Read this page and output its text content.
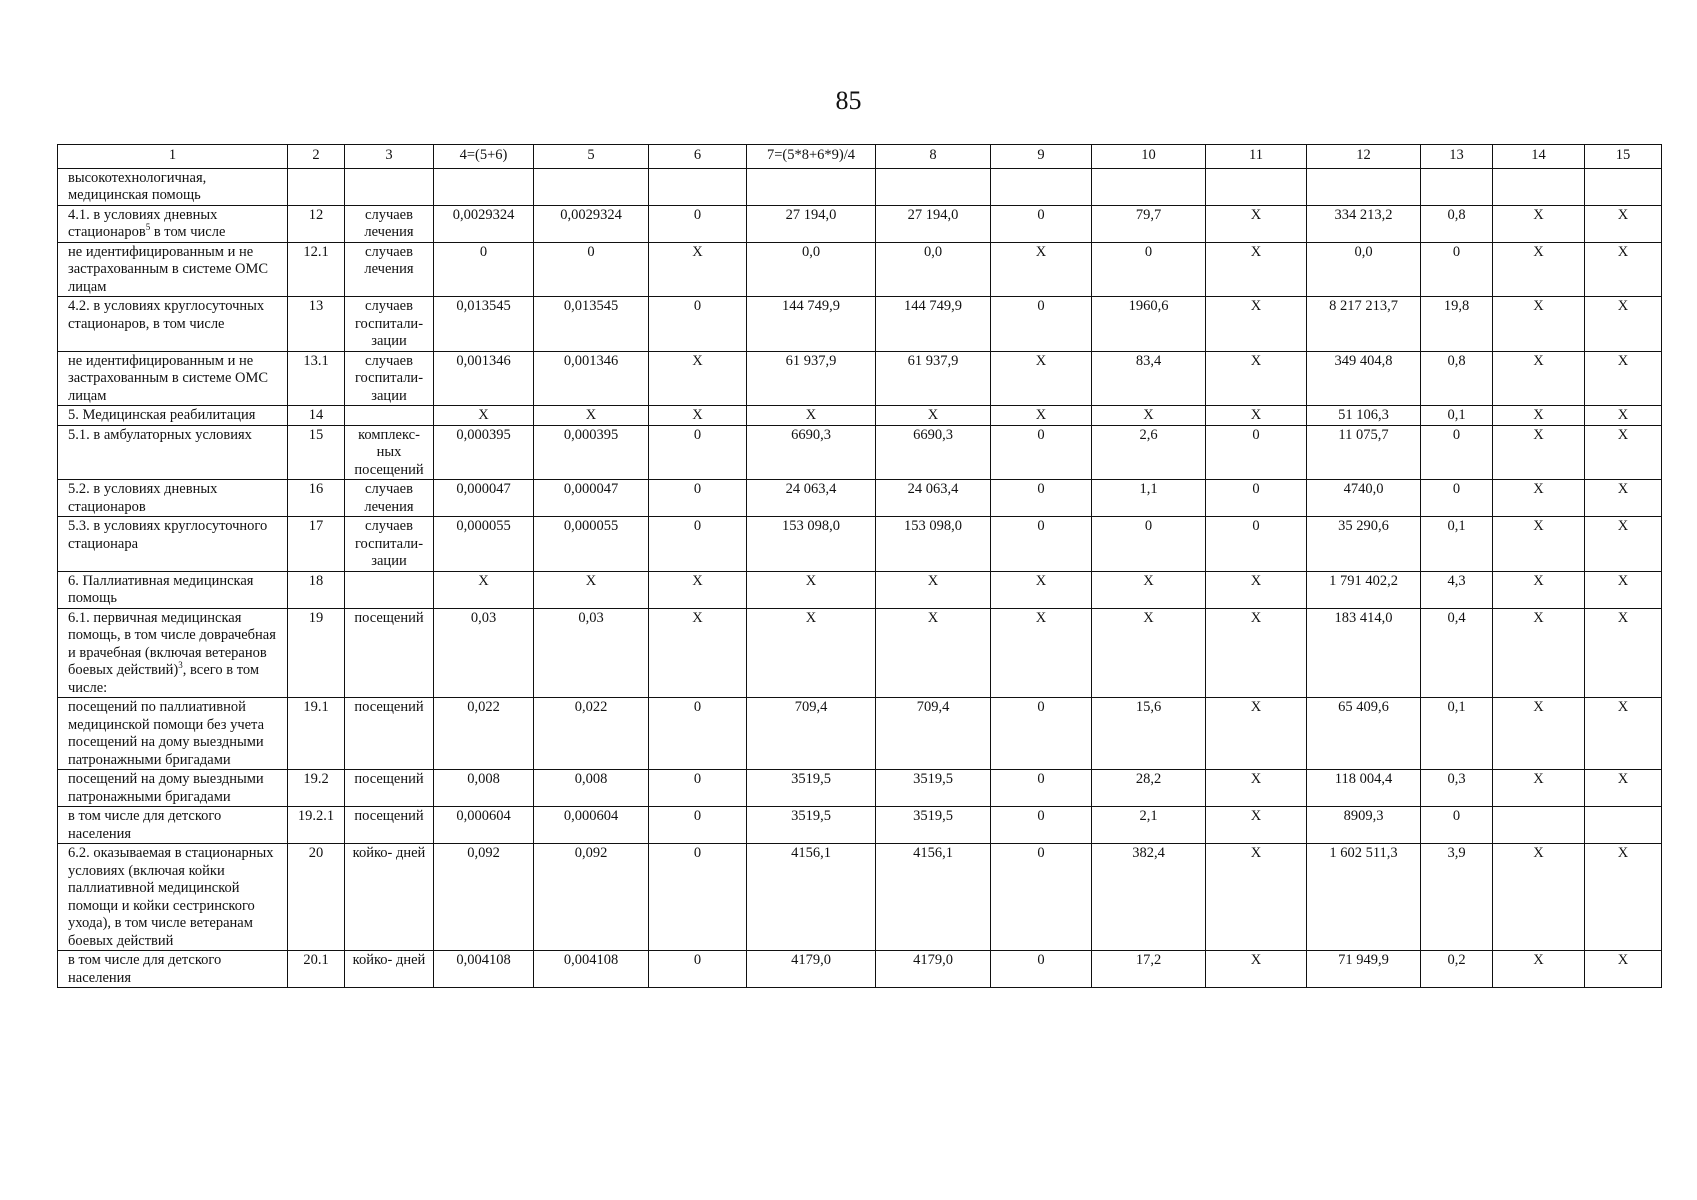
85
1	2	3	4=(5+6)	5	6	7=(5*8+6*9)/4	8	9	10	11	12	13	14	15
высокотехнологичная, медицинская помощь														
4.1. в условиях дневных стационаров$^5$ в том числе	12	случаев лечения	0,0029324	0,0029324	0	27 194,0	27 194,0	0	79,7	Х	334 213,2	0,8	Х	Х
не идентифицированным и не застрахованным в системе ОМС лицам	12.1	случаев лечения	0	0	Х	0,0	0,0	Х	0	Х	0,0	0	Х	Х
4.2. в условиях круглосуточных стационаров, в том числе	13	случаев госпитали- зации	0,013545	0,013545	0	144 749,9	144 749,9	0	1960,6	Х	8 217 213,7	19,8	Х	Х
не идентифицированным и не застрахованным в системе ОМС лицам	13.1	случаев госпитали- зации	0,001346	0,001346	Х	61 937,9	61 937,9	Х	83,4	Х	349 404,8	0,8	Х	Х
5. Медицинская реабилитация	14		Х	Х	Х	Х	Х	Х	Х	Х	51 106,3	0,1	Х	Х
5.1. в амбулаторных условиях	15	комплекс- ных посещений	0,000395	0,000395	0	6690,3	6690,3	0	2,6	0	11 075,7	0	Х	Х
5.2. в условиях дневных стационаров	16	случаев лечения	0,000047	0,000047	0	24 063,4	24 063,4	0	1,1	0	4740,0	0	Х	Х
5.3. в условиях круглосуточного стационара	17	случаев госпитали- зации	0,000055	0,000055	0	153 098,0	153 098,0	0	0	0	35 290,6	0,1	Х	Х
6. Паллиативная медицинская помощь	18		Х	Х	Х	Х	Х	Х	Х	Х	1 791 402,2	4,3	Х	Х
6.1. первичная медицинская помощь, в том числе доврачебная и врачебная (включая ветеранов боевых действий)$^3$, всего в том числе:	19	посещений	0,03	0,03	Х	Х	Х	Х	Х	Х	183 414,0	0,4	Х	Х
посещений по паллиативной медицинской помощи без учета посещений на дому выездными патронажными бригадами	19.1	посещений	0,022	0,022	0	709,4	709,4	0	15,6	Х	65 409,6	0,1	Х	Х
посещений на дому выездными патронажными бригадами	19.2	посещений	0,008	0,008	0	3519,5	3519,5	0	28,2	Х	118 004,4	0,3	Х	Х
в том числе для детского населения	19.2.1	посещений	0,000604	0,000604	0	3519,5	3519,5	0	2,1	Х	8909,3	0		
6.2. оказываемая в стационарных условиях (включая койки паллиативной медицинской помощи и койки сестринского ухода), в том числе ветеранам боевых действий	20	койко- дней	0,092	0,092	0	4156,1	4156,1	0	382,4	Х	1 602 511,3	3,9	Х	Х
в том числе для детского населения	20.1	койко- дней	0,004108	0,004108	0	4179,0	4179,0	0	17,2	Х	71 949,9	0,2	Х	Х
